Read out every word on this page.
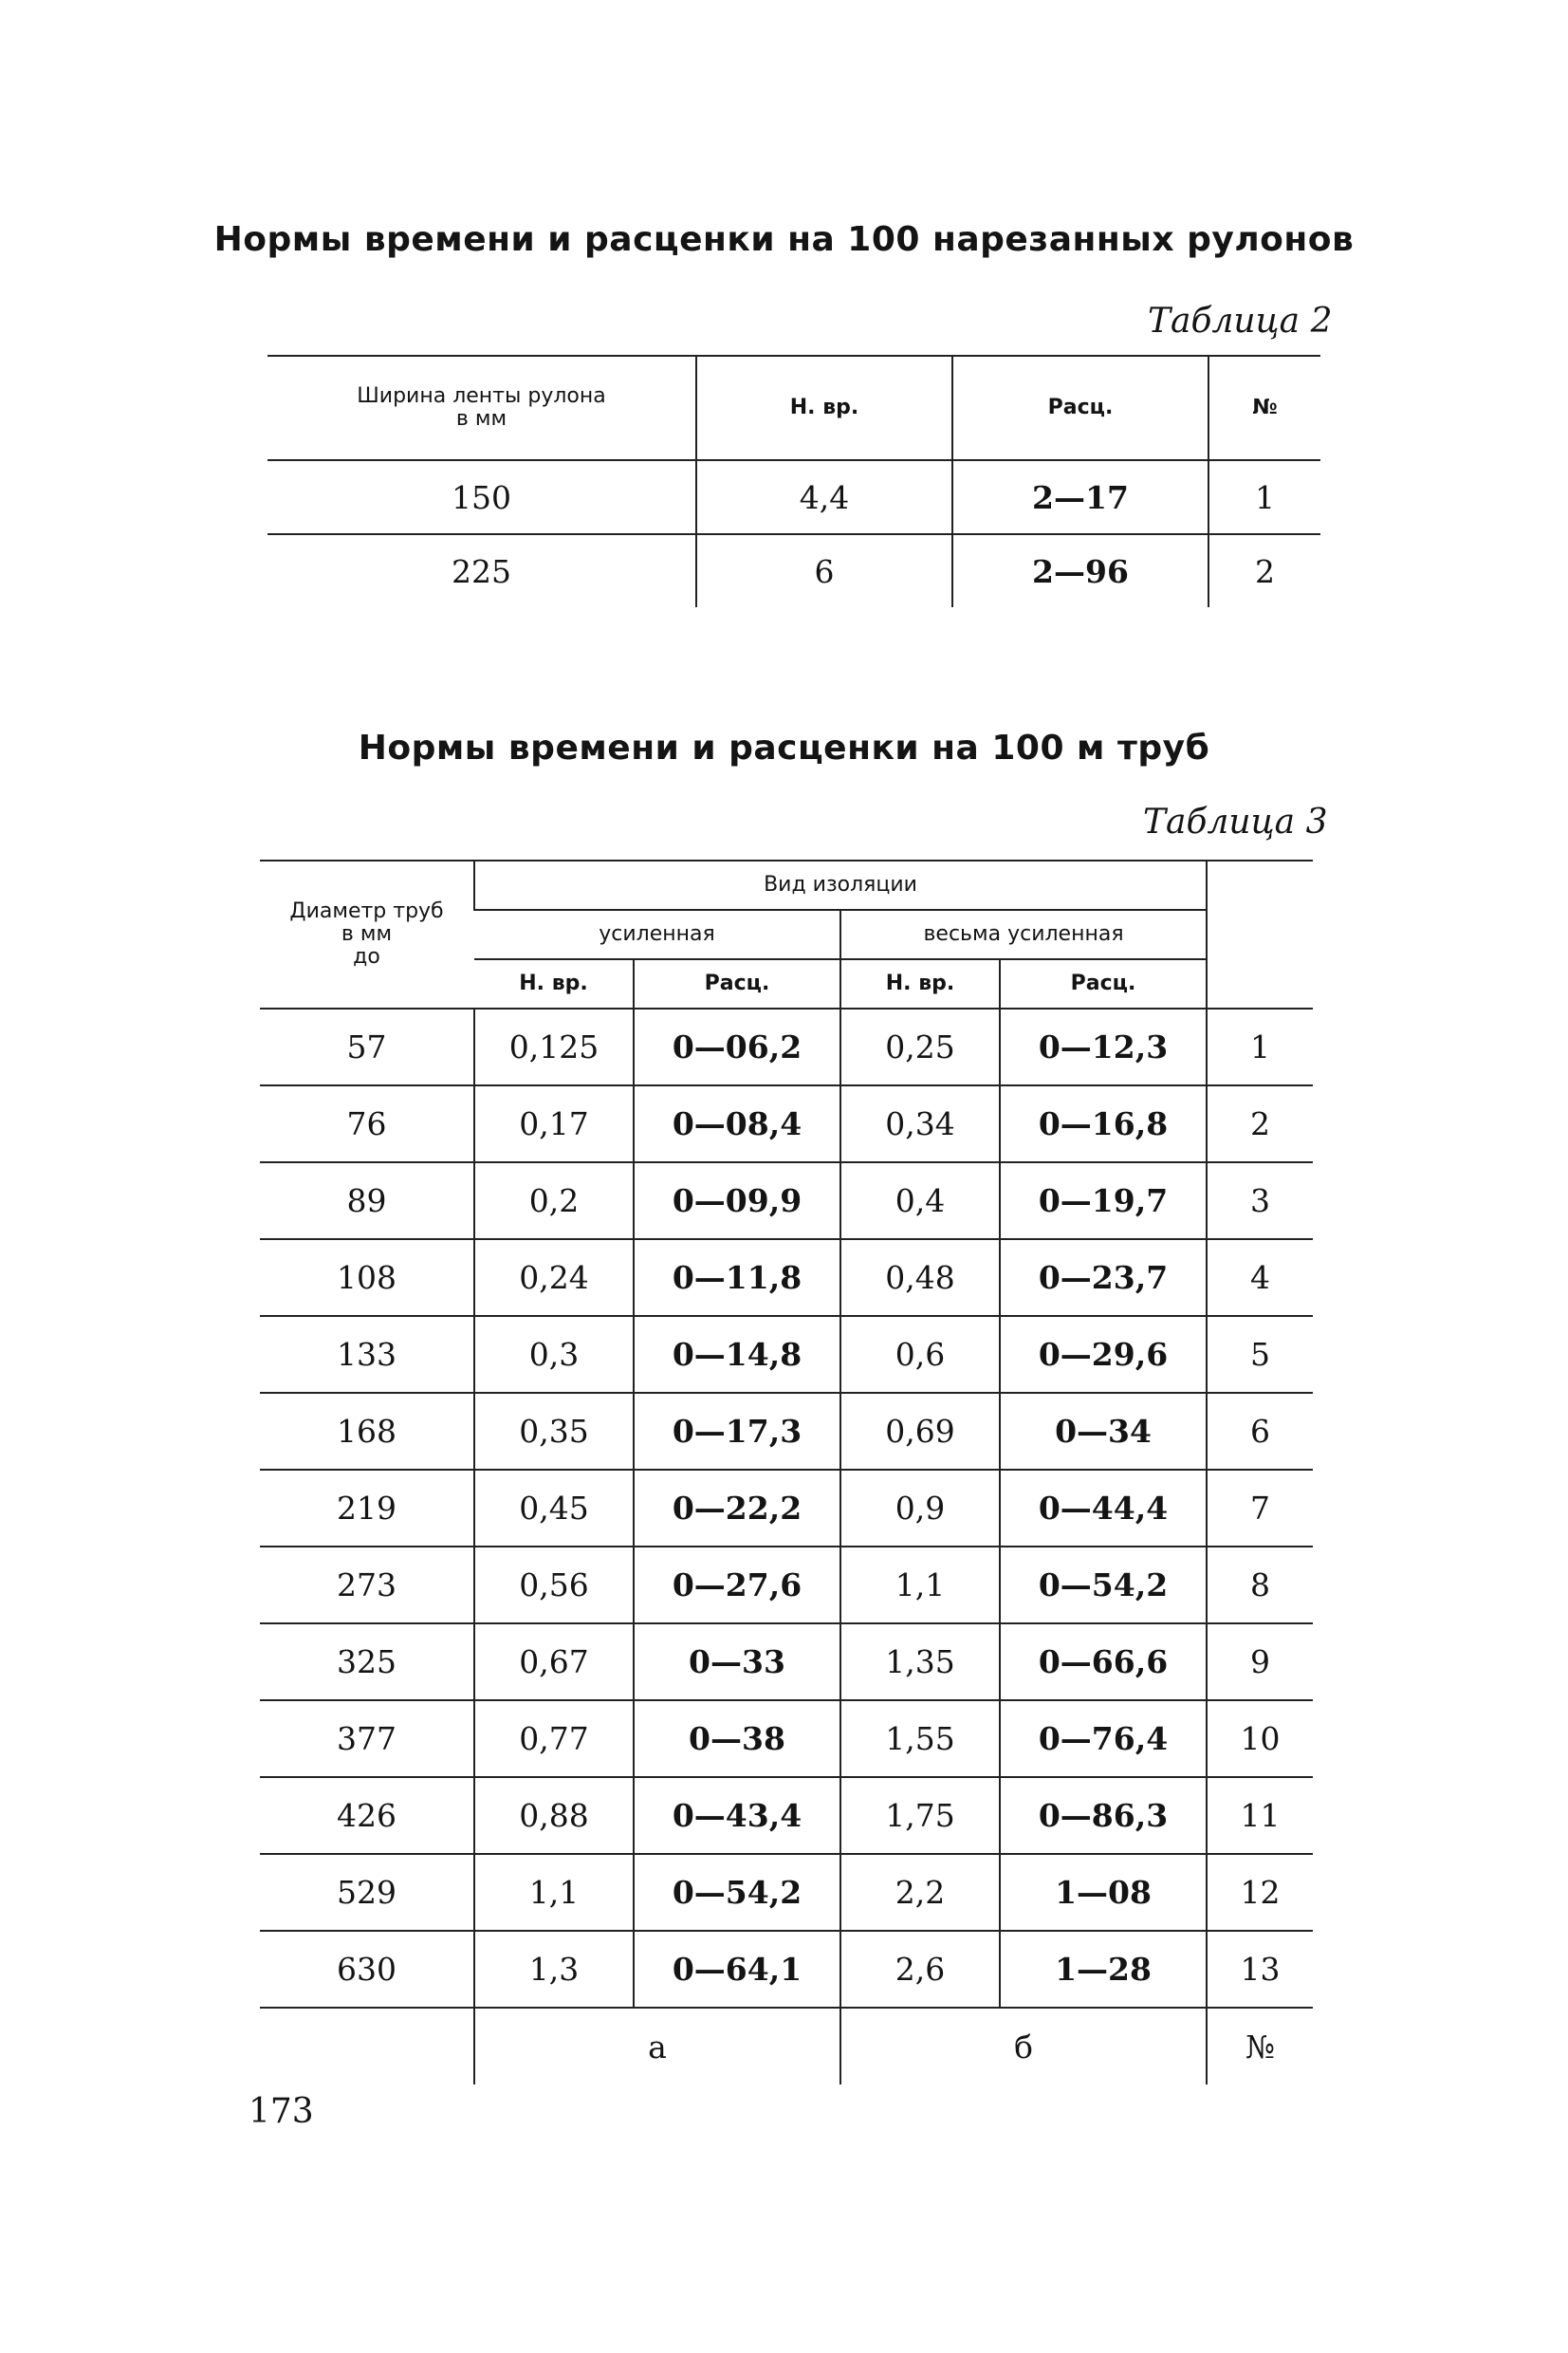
Нормы времени и расценки на 100 нарезанных рулонов
Таблица 2
Ширина ленты рулона
в мм	Н. вр.	Расц.	№
150	4,4	2—17	1
225	6	2—96	2
Нормы времени и расценки на 100 м труб
Таблица 3
Диаметр труб
в мм
до	Вид изоляции				
	усиленная		весьма усиленная		
	Н. вр.	Расц.	Н. вр.	Расц.	
57	0,125	0—06,2	0,25	0—12,3	1
76	0,17	0—08,4	0,34	0—16,8	2
89	0,2	0—09,9	0,4	0—19,7	3
108	0,24	0—11,8	0,48	0—23,7	4
133	0,3	0—14,8	0,6	0—29,6	5
168	0,35	0—17,3	0,69	0—34	6
219	0,45	0—22,2	0,9	0—44,4	7
273	0,56	0—27,6	1,1	0—54,2	8
325	0,67	0—33	1,35	0—66,6	9
377	0,77	0—38	1,55	0—76,4	10
426	0,88	0—43,4	1,75	0—86,3	11
529	1,1	0—54,2	2,2	1—08	12
630	1,3	0—64,1	2,6	1—28	13
	а		б		№
173
